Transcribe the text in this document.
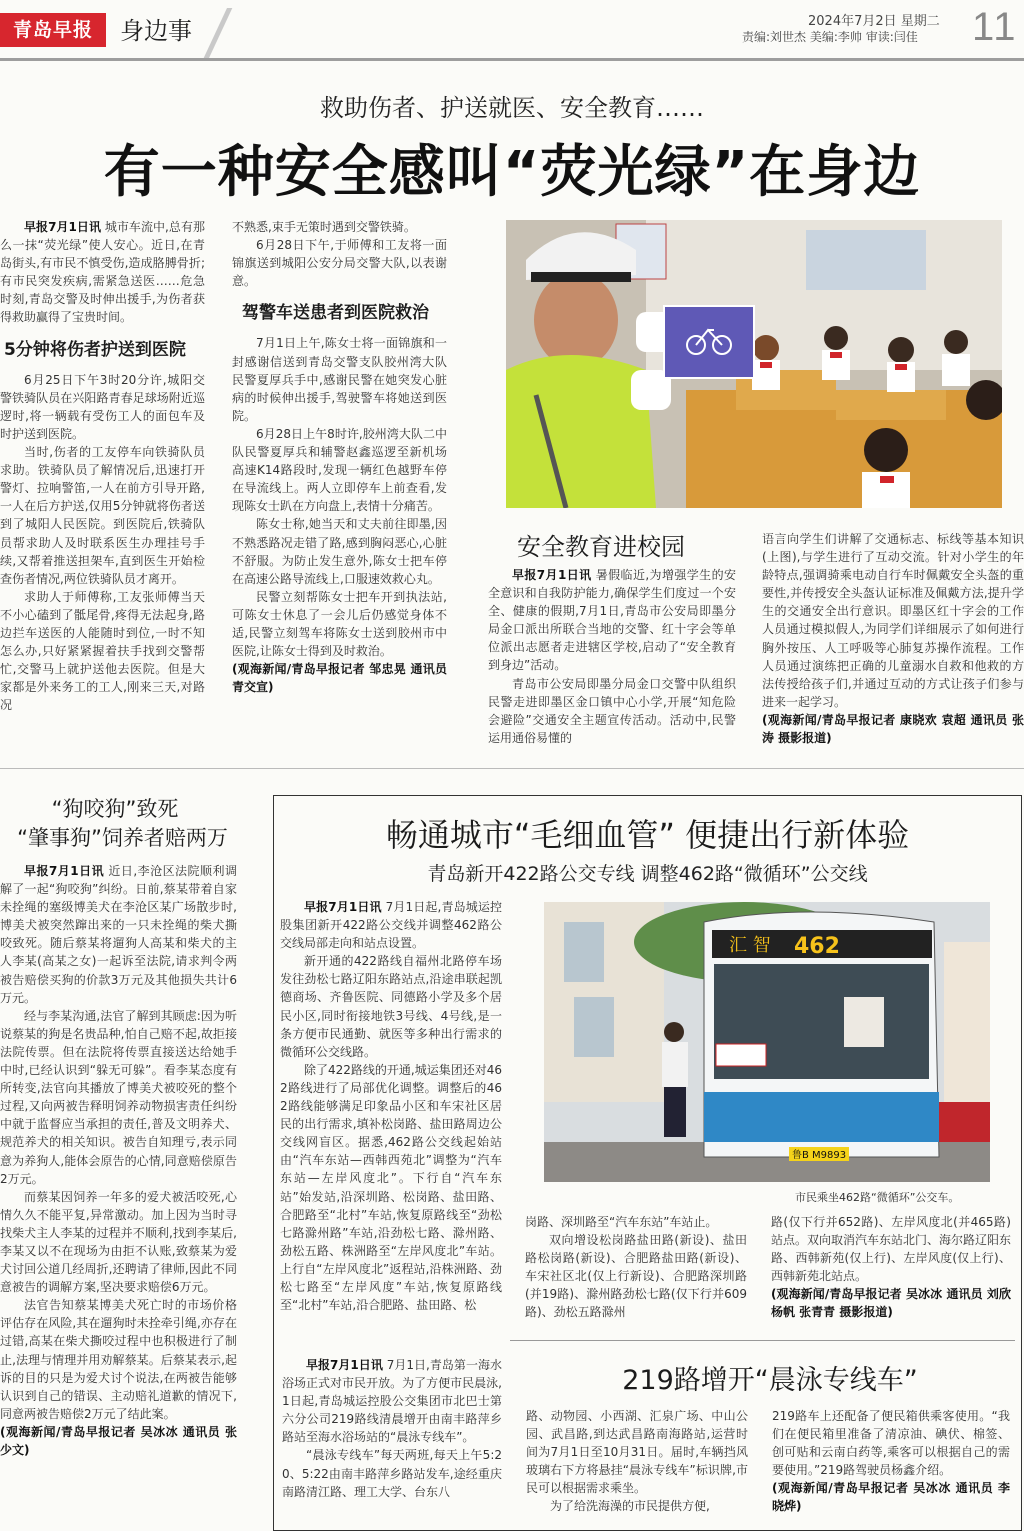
青岛早报	身边事	2024年7月2日 星期二
责编:刘世杰 美编:李帅 审读:闫佳 11
救助伤者、护送就医、安全教育……
有一种安全感叫“荧光绿”在身边

早报7月1日讯 城市车流中,总有那么一抹“荧光绿”使人安心。近日,在青岛街头,有市民不慎受伤,造成胳膊骨折;有市民突发疾病,需紧急送医……危急时刻,青岛交警及时伸出援手,为伤者获得救助赢得了宝贵时间。

5分钟将伤者护送到医院

6月25日下午3时20分许,城阳交警铁骑队员在兴阳路青春足球场附近巡逻时,将一辆载有受伤工人的面包车及时护送到医院。

当时,伤者的工友停车向铁骑队员求助。铁骑队员了解情况后,迅速打开警灯、拉响警笛,一人在前方引导开路,一人在后方护送,仅用5分钟就将伤者送到了城阳人民医院。到医院后,铁骑队员帮求助人及时联系医生办理挂号手续,又帮着推送担架车,直到医生开始检查伤者情况,两位铁骑队员才离开。

求助人于师傅称,工友张师傅当天不小心磕到了骶尾骨,疼得无法起身,路边拦车送医的人能随时到位,一时不知怎么办,只好紧紧握着扶手找到交警帮忙,交警马上就护送他去医院。但是大家都是外来务工的工人,刚来三天,对路况

不熟悉,束手无策时遇到交警铁骑。

6月28日下午,于师傅和工友将一面锦旗送到城阳公安分局交警大队,以表谢意。

驾警车送患者到医院救治

7月1日上午,陈女士将一面锦旗和一封感谢信送到青岛交警支队胶州湾大队民警夏厚兵手中,感谢民警在她突发心脏病的时候伸出援手,驾驶警车将她送到医院。

6月28日上午8时许,胶州湾大队二中队民警夏厚兵和辅警赵鑫巡逻至新机场高速K14路段时,发现一辆红色越野车停在导流线上。两人立即停车上前查看,发现陈女士趴在方向盘上,表情十分痛苦。

陈女士称,她当天和丈夫前往即墨,因不熟悉路况走错了路,感到胸闷恶心,心脏不舒服。为防止发生意外,陈女士把车停在高速公路导流线上,口服速效救心丸。

民警立刻帮陈女士把车开到执法站,可陈女士休息了一会儿后仍感觉身体不适,民警立刻驾车将陈女士送到胶州市中医院,让陈女士得到及时救治。

(观海新闻/青岛早报记者 邹忠晃 通讯员 青交宣)
安全教育进校园

早报7月1日讯 暑假临近,为增强学生的安全意识和自我防护能力,确保学生们度过一个安全、健康的假期,7月1日,青岛市公安局即墨分局金口派出所联合当地的交警、红十字会等单位派出志愿者走进辖区学校,启动了“安全教育到身边”活动。

青岛市公安局即墨分局金口交警中队组织民警走进即墨区金口镇中心小学,开展“知危险 会避险”交通安全主题宣传活动。活动中,民警运用通俗易懂的

语言向学生们讲解了交通标志、标线等基本知识(上图),与学生进行了互动交流。针对小学生的年龄特点,强调骑乘电动自行车时佩戴安全头盔的重要性,并传授安全头盔认证标准及佩戴方法,提升学生的交通安全出行意识。即墨区红十字会的工作人员通过模拟假人,为同学们详细展示了如何进行胸外按压、人工呼吸等心肺复苏操作流程。工作人员通过演练把正确的儿童溺水自救和他救的方法传授给孩子们,并通过互动的方式让孩子们参与进来一起学习。

(观海新闻/青岛早报记者 康晓欢 袁超 通讯员 张涛 摄影报道)
“狗咬狗”致死
“肇事狗”饲养者赔两万

早报7月1日讯 近日,李沧区法院顺利调解了一起“狗咬狗”纠纷。日前,蔡某带着自家未拴绳的塞级博美犬在李沧区某广场散步时,博美犬被突然蹿出来的一只未拴绳的柴犬撕咬致死。随后蔡某将遛狗人高某和柴犬的主人李某(高某之女)一起诉至法院,请求判令两被告赔偿买狗的价款3万元及其他损失共计6万元。

经与李某沟通,法官了解到其顾虑:因为听说蔡某的狗是名贵品种,怕自己赔不起,故拒接法院传票。但在法院将传票直接送达给她手中时,已经认识到“躲无可躲”。看李某态度有所转变,法官向其播放了博美犬被咬死的整个过程,又向两被告释明饲养动物损害责任纠纷中就于监督应当承担的责任,普及文明养犬、规范养犬的相关知识。被告自知理亏,表示同意为养狗人,能体会原告的心情,同意赔偿原告2万元。

而蔡某因饲养一年多的爱犬被活咬死,心情久久不能平复,异常激动。加上因为当时寻找柴犬主人李某的过程并不顺利,找到李某后,李某又以不在现场为由拒不认账,致蔡某为爱犬讨回公道几经周折,还聘请了律师,因此不同意被告的调解方案,坚决要求赔偿6万元。

法官告知蔡某博美犬死亡时的市场价格评估存在风险,其在遛狗时未拴牵引绳,亦存在过错,高某在柴犬撕咬过程中也积极进行了制止,法理与情理并用劝解蔡某。后蔡某表示,起诉的目的只是为爱犬讨个说法,在两被告能够认识到自己的错误、主动赔礼道歉的情况下,同意两被告赔偿2万元了结此案。

(观海新闻/青岛早报记者 吴冰冰 通讯员 张少文)
畅通城市“毛细血管” 便捷出行新体验
青岛新开422路公交专线 调整462路“微循环”公交线

早报7月1日讯 7月1日起,青岛城运控股集团新开422路公交线并调整462路公交线局部走向和站点设置。

新开通的422路线自福州北路停车场发往劲松七路辽阳东路站点,沿途串联起凯德商场、齐鲁医院、同德路小学及多个居民小区,同时衔接地铁3号线、4号线,是一条方便市民通勤、就医等多种出行需求的微循环公交线路。

除了422路线的开通,城运集团还对462路线进行了局部优化调整。调整后的462路线能够满足印象品小区和车宋社区居民的出行需求,填补松岗路、盐田路周边公交线网盲区。据悉,462路公交线起始站由“汽车东站—西韩西苑北”调整为“汽车东站—左岸风度北”。下行自“汽车东站”始发站,沿深圳路、松岗路、盐田路、合肥路至“北村”车站,恢复原路线至“劲松七路滁州路”车站,沿劲松七路、滁州路、劲松五路、株洲路至“左岸风度北”车站。上行自“左岸风度北”返程站,沿株洲路、劲松七路至“左岸风度”车站,恢复原路线至“北村”车站,沿合肥路、盐田路、松

汇 智 462
鲁B M9893
市民乘坐462路“微循环”公交车。

岗路、深圳路至“汽车东站”车站止。

双向增设松岗路盐田路(新设)、盐田路松岗路(新设)、合肥路盐田路(新设)、车宋社区北(仅上行新设)、合肥路深圳路(并19路)、滁州路劲松七路(仅下行并609路)、劲松五路滁州

路(仅下行并652路)、左岸风度北(并465路)站点。双向取消汽车东站北门、海尔路辽阳东路、西韩新苑(仅上行)、左岸风度(仅上行)、西韩新苑北站点。

(观海新闻/青岛早报记者 吴冰冰 通讯员 刘欣 杨帆 张青青 摄影报道)

早报7月1日讯 7月1日,青岛第一海水浴场正式对市民开放。为了方便市民晨泳,1日起,青岛城运控股公交集团市北巴士第六分公司219路线清晨增开由南丰路萍乡路站至海水浴场站的“晨泳专线车”。

“晨泳专线车”每天两班,每天上午5:20、5:22由南丰路萍乡路站发车,途经重庆南路清江路、理工大学、台东八

219路增开“晨泳专线车”

路、动物园、小西湖、汇泉广场、中山公园、武昌路,到达武昌路南海路站,运营时间为7月1日至10月31日。届时,车辆挡风玻璃右下方将悬挂“晨泳专线车”标识牌,市民可以根据需求乘坐。

为了给洗海澡的市民提供方便,

219路车上还配备了便民箱供乘客使用。“我们在便民箱里准备了清凉油、碘伏、棉签、创可贴和云南白药等,乘客可以根据自己的需要使用。”219路驾驶员杨鑫介绍。

(观海新闻/青岛早报记者 吴冰冰 通讯员 李晓烨)
